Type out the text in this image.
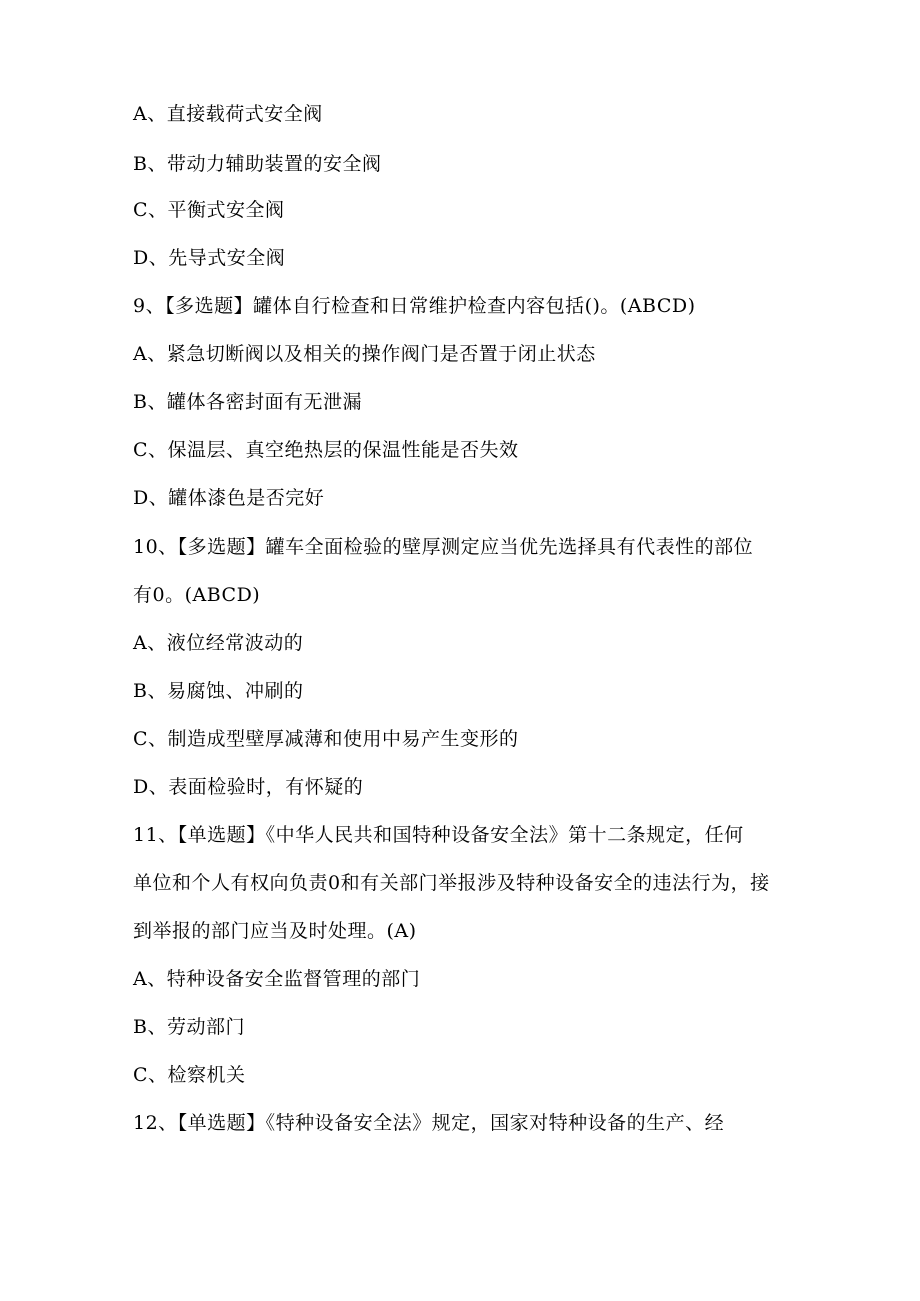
A、直接载荷式安全阀
B、带动力辅助装置的安全阀
C、平衡式安全阀
D、先导式安全阀
9、【多选题】罐体自行检查和日常维护检查内容包括()。(ABCD)
A、紧急切断阀以及相关的操作阀门是否置于闭止状态
B、罐体各密封面有无泄漏
C、保温层、真空绝热层的保温性能是否失效
D、罐体漆色是否完好
10、【多选题】罐车全面检验的壁厚测定应当优先选择具有代表性的部位
有0。(ABCD)
A、液位经常波动的
B、易腐蚀、冲刷的
C、制造成型壁厚减薄和使用中易产生变形的
D、表面检验时，有怀疑的
11、【单选题】《中华人民共和国特种设备安全法》第十二条规定，任何
单位和个人有权向负责0和有关部门举报涉及特种设备安全的违法行为，接
到举报的部门应当及时处理。(A)
A、特种设备安全监督管理的部门
B、劳动部门
C、检察机关
12、【单选题】《特种设备安全法》规定，国家对特种设备的生产、经
